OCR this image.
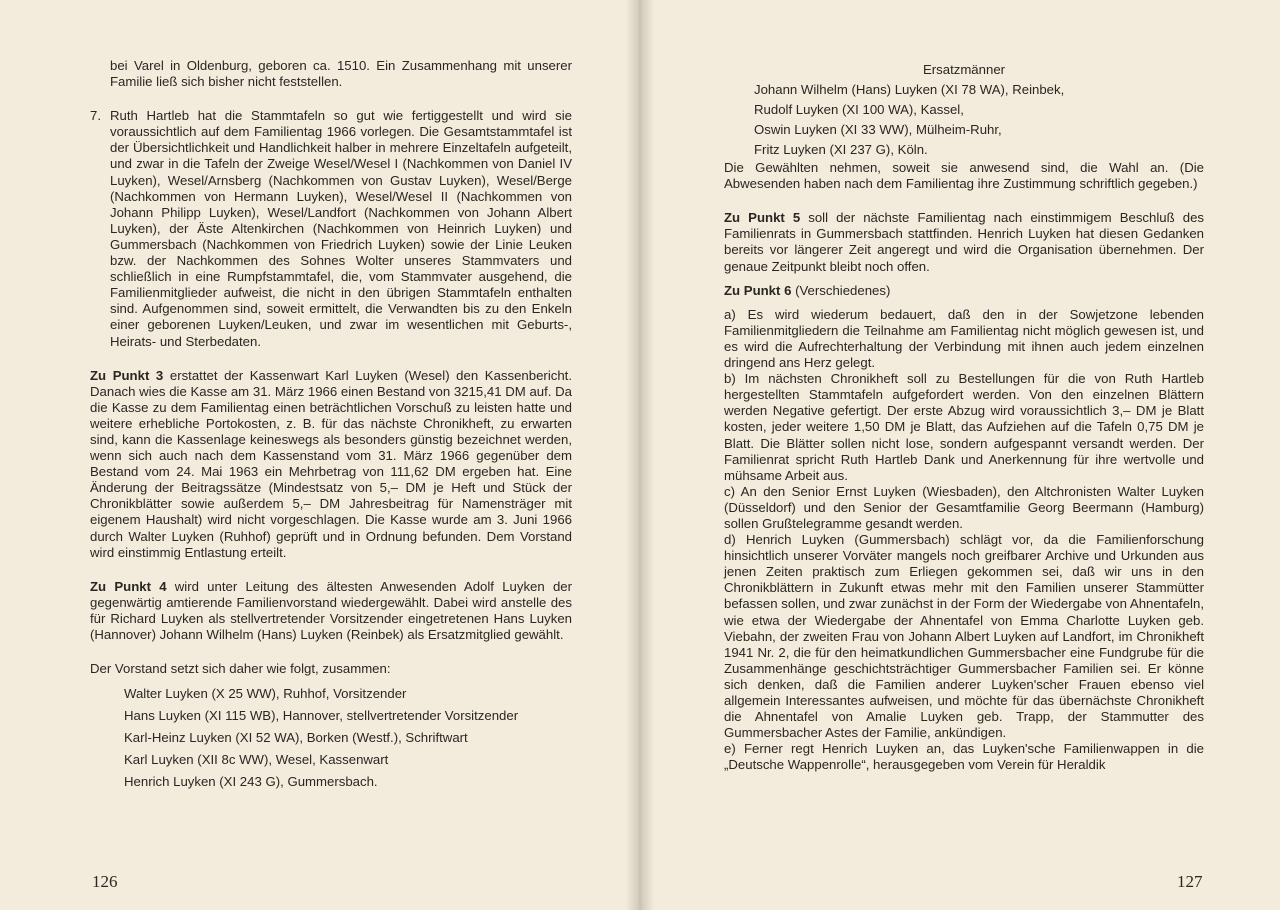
bei Varel in Oldenburg, geboren ca. 1510. Ein Zusammenhang mit unserer Familie ließ sich bisher nicht feststellen.

7. Ruth Hartleb hat die Stammtafeln so gut wie fertiggestellt und wird sie voraussichtlich auf dem Familientag 1966 vorlegen. Die Gesamtstammtafel ist der Übersichtlichkeit und Handlichkeit halber in mehrere Einzeltafeln aufgeteilt, und zwar in die Tafeln der Zweige Wesel/Wesel I (Nachkommen von Daniel IV Luyken), Wesel/Arnsberg (Nachkommen von Gustav Luyken), Wesel/Berge (Nachkommen von Hermann Luyken), Wesel/Wesel II (Nachkommen von Johann Philipp Luyken), Wesel/Landfort (Nachkommen von Johann Albert Luyken), der Äste Altenkirchen (Nachkommen von Heinrich Luyken) und Gummersbach (Nachkommen von Friedrich Luyken) sowie der Linie Leuken bzw. der Nachkommen des Sohnes Wolter unseres Stammvaters und schließlich in eine Rumpfstammtafel, die, vom Stammvater ausgehend, die Familienmitglieder aufweist, die nicht in den übrigen Stammtafeln enthalten sind. Aufgenommen sind, soweit ermittelt, die Verwandten bis zu den Enkeln einer geborenen Luyken/Leuken, und zwar im wesentlichen mit Geburts-, Heirats- und Sterbedaten.

Zu Punkt 3 erstattet der Kassenwart Karl Luyken (Wesel) den Kassenbericht. Danach wies die Kasse am 31. März 1966 einen Bestand von 3215,41 DM auf. Da die Kasse zu dem Familientag einen beträchtlichen Vorschuß zu leisten hatte und weitere erhebliche Portokosten, z. B. für das nächste Chronikheft, zu erwarten sind, kann die Kassenlage keineswegs als besonders günstig bezeichnet werden, wenn sich auch nach dem Kassenstand vom 31. März 1966 gegenüber dem Bestand vom 24. Mai 1963 ein Mehrbetrag von 111,62 DM ergeben hat. Eine Änderung der Beitragssätze (Mindestsatz von 5,– DM je Heft und Stück der Chronikblätter sowie außerdem 5,– DM Jahresbeitrag für Namensträger mit eigenem Haushalt) wird nicht vorgeschlagen. Die Kasse wurde am 3. Juni 1966 durch Walter Luyken (Ruhhof) geprüft und in Ordnung befunden. Dem Vorstand wird einstimmig Entlastung erteilt.

Zu Punkt 4 wird unter Leitung des ältesten Anwesenden Adolf Luyken der gegenwärtig amtierende Familienvorstand wiedergewählt. Dabei wird anstelle des für Richard Luyken als stellvertretender Vorsitzender eingetretenen Hans Luyken (Hannover) Johann Wilhelm (Hans) Luyken (Reinbek) als Ersatzmitglied gewählt.

Der Vorstand setzt sich daher wie folgt, zusammen:

Walter Luyken (X 25 WW), Ruhhof, Vorsitzender
Hans Luyken (XI 115 WB), Hannover, stellvertretender Vorsitzender
Karl-Heinz Luyken (XI 52 WA), Borken (Westf.), Schriftwart
Karl Luyken (XII 8c WW), Wesel, Kassenwart
Henrich Luyken (XI 243 G), Gummersbach.
126

Ersatzmänner

Johann Wilhelm (Hans) Luyken (XI 78 WA), Reinbek,
Rudolf Luyken (XI 100 WA), Kassel,
Oswin Luyken (XI 33 WW), Mülheim-Ruhr,
Fritz Luyken (XI 237 G), Köln.

Die Gewählten nehmen, soweit sie anwesend sind, die Wahl an. (Die Abwesenden haben nach dem Familientag ihre Zustimmung schriftlich gegeben.)

Zu Punkt 5 soll der nächste Familientag nach einstimmigem Beschluß des Familienrats in Gummersbach stattfinden. Henrich Luyken hat diesen Gedanken bereits vor längerer Zeit angeregt und wird die Organisation übernehmen. Der genaue Zeitpunkt bleibt noch offen.

Zu Punkt 6 (Verschiedenes)

a) Es wird wiederum bedauert, daß den in der Sowjetzone lebenden Familienmitgliedern die Teilnahme am Familientag nicht möglich gewesen ist, und es wird die Aufrechterhaltung der Verbindung mit ihnen auch jedem einzelnen dringend ans Herz gelegt.

b) Im nächsten Chronikheft soll zu Bestellungen für die von Ruth Hartleb hergestellten Stammtafeln aufgefordert werden. Von den einzelnen Blättern werden Negative gefertigt. Der erste Abzug wird voraussichtlich 3,– DM je Blatt kosten, jeder weitere 1,50 DM je Blatt, das Aufziehen auf die Tafeln 0,75 DM je Blatt. Die Blätter sollen nicht lose, sondern aufgespannt versandt werden. Der Familienrat spricht Ruth Hartleb Dank und Anerkennung für ihre wertvolle und mühsame Arbeit aus.

c) An den Senior Ernst Luyken (Wiesbaden), den Altchronisten Walter Luyken (Düsseldorf) und den Senior der Gesamtfamilie Georg Beermann (Hamburg) sollen Grußtelegramme gesandt werden.

d) Henrich Luyken (Gummersbach) schlägt vor, da die Familienforschung hinsichtlich unserer Vorväter mangels noch greifbarer Archive und Urkunden aus jenen Zeiten praktisch zum Erliegen gekommen sei, daß wir uns in den Chronikblättern in Zukunft etwas mehr mit den Familien unserer Stammütter befassen sollen, und zwar zunächst in der Form der Wiedergabe von Ahnentafeln, wie etwa der Wiedergabe der Ahnentafel von Emma Charlotte Luyken geb. Viebahn, der zweiten Frau von Johann Albert Luyken auf Landfort, im Chronikheft 1941 Nr. 2, die für den heimatkundlichen Gummersbacher eine Fundgrube für die Zusammenhänge geschichtsträchtiger Gummersbacher Familien sei. Er könne sich denken, daß die Familien anderer Luyken'scher Frauen ebenso viel allgemein Interessantes aufweisen, und möchte für das übernächste Chronikheft die Ahnentafel von Amalie Luyken geb. Trapp, der Stammutter des Gummersbacher Astes der Familie, ankündigen.

e) Ferner regt Henrich Luyken an, das Luyken'sche Familienwappen in die „Deutsche Wappenrolle“, herausgegeben vom Verein für Heraldik

127
